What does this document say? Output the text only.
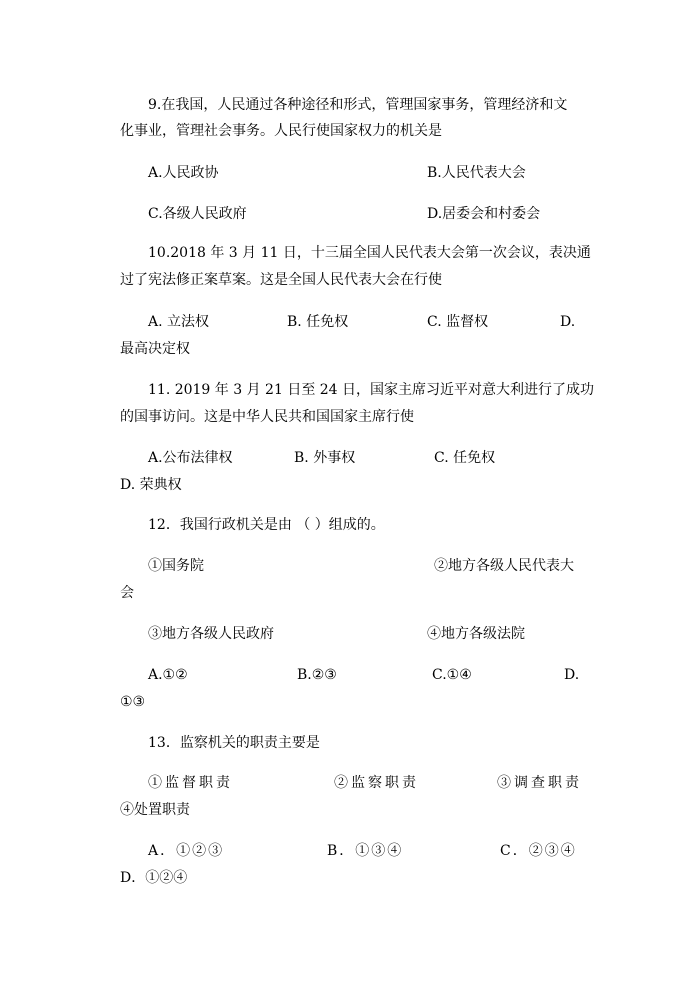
9.在我国，人民通过各种途径和形式，管理国家事务，管理经济和文
化事业，管理社会事务。人民行使国家权力的机关是
A.人民政协	B.人民代表大会
C.各级人民政府	D.居委会和村委会
10.2018 年 3 月 11 日，十三届全国人民代表大会第一次会议，表决通
过了宪法修正案草案。这是全国人民代表大会在行使
A. 立法权	B. 任免权	C. 监督权	D.
最高决定权
11. 2019 年 3 月 21 日至 24 日，国家主席习近平对意大利进行了成功
的国事访问。这是中华人民共和国国家主席行使
A.公布法律权	B. 外事权	C. 任免权
D. 荣典权
12．我国行政机关是由 （ ）组成的。
①国务院	②地方各级人民代表大
会
③地方各级人民政府	④地方各级法院
A.①②	B.②③	C.①④	D.
①③
13．监察机关的职责主要是
①监督职责	②监察职责	③调查职责
④处置职责
A．①②③	B．①③④	C．②③④
D．①②④
